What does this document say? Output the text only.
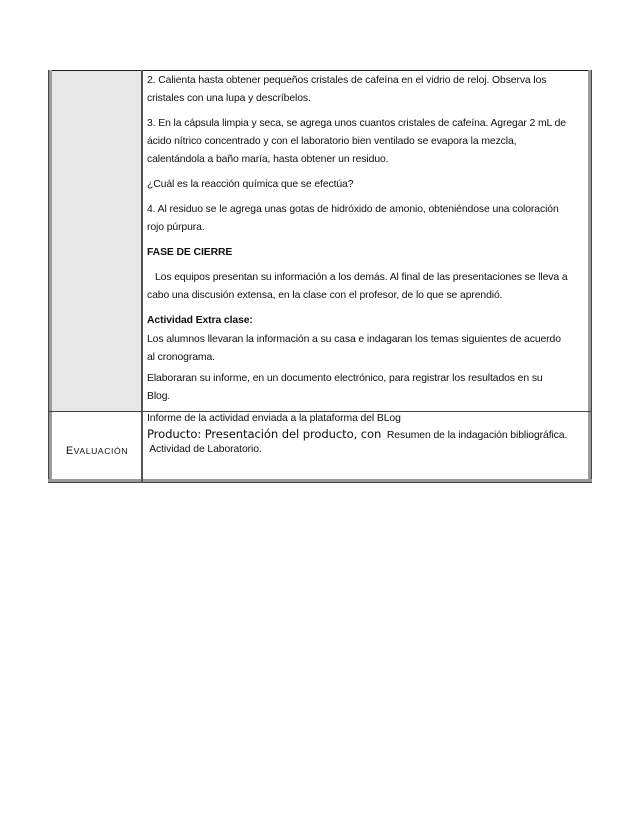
2. Calienta hasta obtener pequeños cristales de cafeína en el vidrio de reloj. Observa los

cristales con una lupa y descríbelos.

3. En la cápsula limpia y seca, se agrega unos cuantos cristales de cafeína. Agregar 2 mL de

ácido nítrico concentrado y con el laboratorio bien ventilado se evapora la mezcla,

calentándola a baño maría, hasta obtener un residuo.

¿Cuál es la reacción química que se efectúa?

4. Al residuo se le agrega unas gotas de hidróxido de amonio, obteniéndose una coloración

rojo púrpura.

FASE DE CIERRE

Los equipos presentan su información a los demás. Al final de las presentaciones se lleva a

cabo una discusión extensa, en la clase con el profesor, de lo que se aprendió.

Actividad Extra clase:

Los alumnos llevaran la información a su casa e indagaran los temas siguientes de acuerdo

al cronograma.

Elaboraran su informe, en un documento electrónico, para registrar los resultados en su

Blog.

EVALUACIÓN

Informe de la actividad enviada a la plataforma del BLog

Producto: Presentación del producto, con  Resumen de la indagación bibliográfica.

Actividad de Laboratorio.
